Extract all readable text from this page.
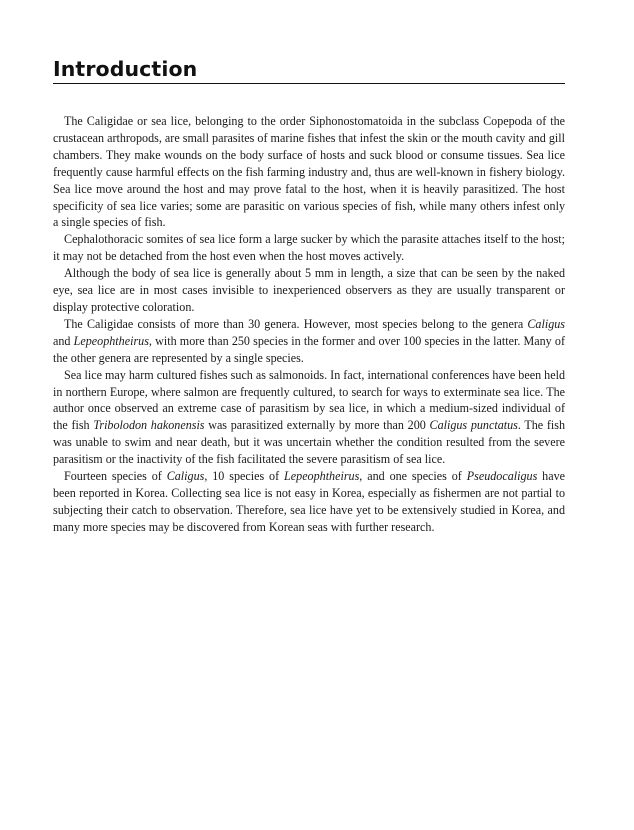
Introduction

The Caligidae or sea lice, belonging to the order Siphonostomatoida in the subclass Copepoda of the crustacean arthropods, are small parasites of marine fishes that infest the skin or the mouth cavity and gill chambers. They make wounds on the body surface of hosts and suck blood or consume tissues. Sea lice frequently cause harmful effects on the fish farming industry and, thus are well-known in fishery biology. Sea lice move around the host and may prove fatal to the host, when it is heavily parasitized. The host specificity of sea lice varies; some are parasitic on various species of fish, while many others infest only a single species of fish.

Cephalothoracic somites of sea lice form a large sucker by which the parasite attaches itself to the host; it may not be detached from the host even when the host moves actively.

Although the body of sea lice is generally about 5 mm in length, a size that can be seen by the naked eye, sea lice are in most cases invisible to inexperienced observers as they are usually transparent or display protective coloration.

The Caligidae consists of more than 30 genera. However, most species belong to the genera Caligus and Lepeophtheirus, with more than 250 species in the former and over 100 species in the latter. Many of the other genera are represented by a single species.

Sea lice may harm cultured fishes such as salmonoids. In fact, international conferences have been held in northern Europe, where salmon are frequently cultured, to search for ways to exterminate sea lice. The author once observed an extreme case of parasitism by sea lice, in which a medium-sized individual of the fish Tribolodon hakonensis was parasitized externally by more than 200 Caligus punctatus. The fish was unable to swim and near death, but it was uncertain whether the condition resulted from the severe parasitism or the inactivity of the fish facilitated the severe parasitism of sea lice.

Fourteen species of Caligus, 10 species of Lepeophtheirus, and one species of Pseudocaligus have been reported in Korea. Collecting sea lice is not easy in Korea, especially as fishermen are not partial to subjecting their catch to observation. Therefore, sea lice have yet to be extensively studied in Korea, and many more species may be discovered from Korean seas with further research.
